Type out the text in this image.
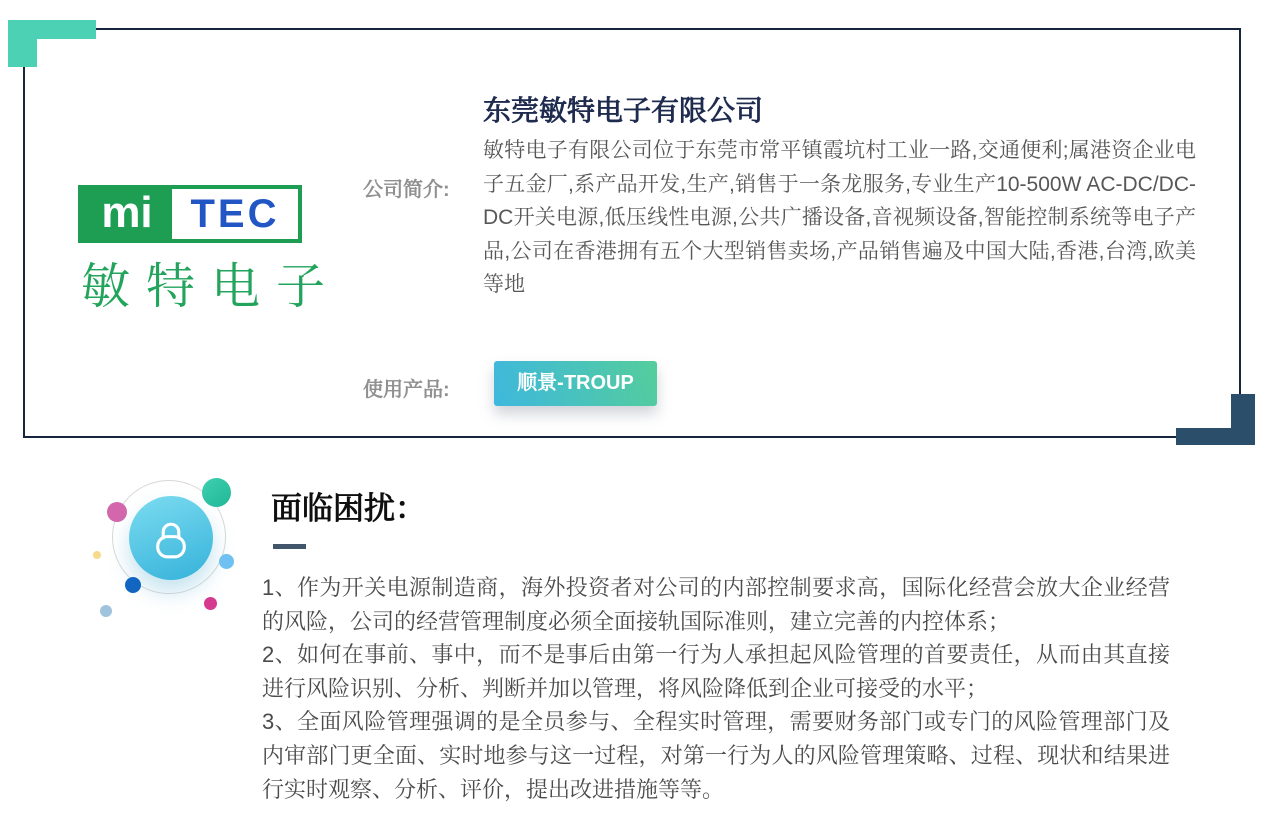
mi TEC
敏特电子
东莞敏特电子有限公司
公司简介:
敏特电子有限公司位于东莞市常平镇霞坑村工业一路,交通便利;属港资企业电子五金厂,系产品开发,生产,销售于一条龙服务,专业生产10-500W AC-DC/DC-DC开关电源,低压线性电源,公共广播设备,音视频设备,智能控制系统等电子产品,公司在香港拥有五个大型销售卖场,产品销售遍及中国大陆,香港,台湾,欧美等地
使用产品:	顺景-TROUP
面临困扰：

1、作为开关电源制造商，海外投资者对公司的内部控制要求高，国际化经营会放大企业经营的风险，公司的经营管理制度必须全面接轨国际准则，建立完善的内控体系；

2、如何在事前、事中，而不是事后由第一行为人承担起风险管理的首要责任，从而由其直接进行风险识别、分析、判断并加以管理，将风险降低到企业可接受的水平；

3、全面风险管理强调的是全员参与、全程实时管理，需要财务部门或专门的风险管理部门及内审部门更全面、实时地参与这一过程，对第一行为人的风险管理策略、过程、现状和结果进行实时观察、分析、评价，提出改进措施等等。
